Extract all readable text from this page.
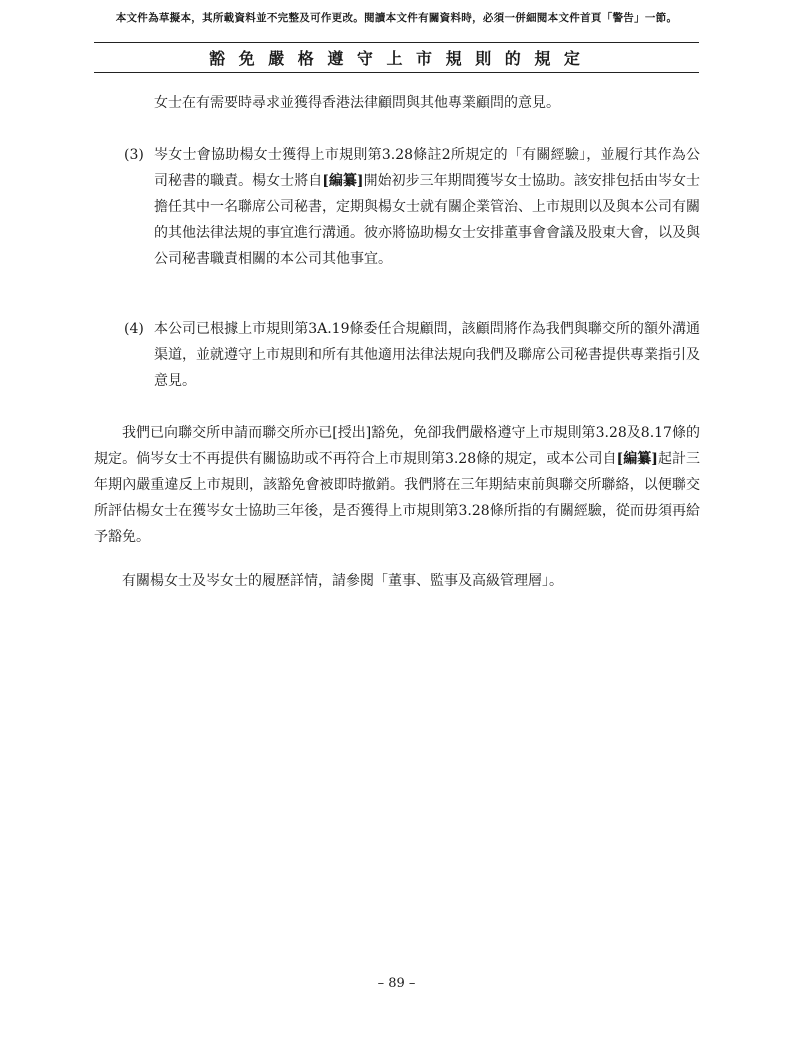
本文件為草擬本，其所載資料並不完整及可作更改。閱讀本文件有關資料時，必須一併細閱本文件首頁「警告」一節。
豁 免 嚴 格 遵 守 上 市 規 則 的 規 定
女士在有需要時尋求並獲得香港法律顧問與其他專業顧問的意見。
(3) 岑女士會協助楊女士獲得上市規則第3.28條註2所規定的「有關經驗」，並履行其作為公司秘書的職責。楊女士將自[編纂]開始初步三年期間獲岑女士協助。該安排包括由岑女士擔任其中一名聯席公司秘書，定期與楊女士就有關企業管治、上市規則以及與本公司有關的其他法律法規的事宜進行溝通。彼亦將協助楊女士安排董事會會議及股東大會，以及與公司秘書職責相關的本公司其他事宜。
(4) 本公司已根據上市規則第3A.19條委任合規顧問，該顧問將作為我們與聯交所的額外溝通渠道，並就遵守上市規則和所有其他適用法律法規向我們及聯席公司秘書提供專業指引及意見。
我們已向聯交所申請而聯交所亦已[授出]豁免，免卻我們嚴格遵守上市規則第3.28及8.17條的規定。倘岑女士不再提供有關協助或不再符合上市規則第3.28條的規定，或本公司自[編纂]起計三年期內嚴重違反上市規則，該豁免會被即時撤銷。我們將在三年期結束前與聯交所聯絡，以便聯交所評估楊女士在獲岑女士協助三年後，是否獲得上市規則第3.28條所指的有關經驗，從而毋須再給予豁免。
有關楊女士及岑女士的履歷詳情，請參閱「董事、監事及高級管理層」。
– 89 –
